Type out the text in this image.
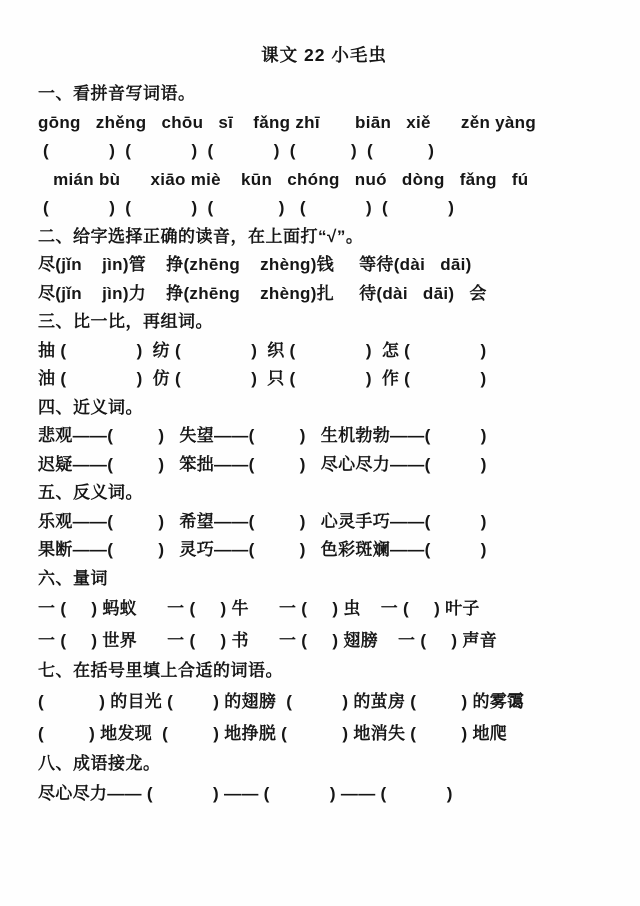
课文 22 小毛虫
一、看拼音写词语。
gōng   zhěng   chōu   sī    fǎng zhī       biān   xiě      zěn yàng
(            )  (            )  (            )  (           )  (           )
mián bù      xiāo miè    kūn   chóng   nuó   dòng   fǎng   fú
(            )  (            )  (             )   (            )  (            )
二、给字选择正确的读音，在上面打“√”。
尽(jǐn    jìn)管    挣(zhēng    zhèng)钱     等待(dài   dāi)
尽(jǐn    jìn)力    挣(zhēng    zhèng)扎     待(dài   dāi)   会
三、比一比，再组词。
抽 (              )  纺 (              )  织 (              )  怎 (              )
油 (              )  仿 (              )  只 (              )  作 (              )
四、近义词。
悲观——(         )   失望——(         )   生机勃勃——(          )
迟疑——(         )   笨拙——(         )   尽心尽力——(          )
五、反义词。
乐观——(         )   希望——(         )   心灵手巧——(          )
果断——(         )   灵巧——(         )   色彩斑斓——(          )
六、量词
一 (     ) 蚂蚁      一 (     ) 牛      一 (     ) 虫    一 (     ) 叶子
一 (     ) 世界      一 (     ) 书      一 (     ) 翅膀    一 (     ) 声音
七、在括号里填上合适的词语。
(           ) 的目光 (        ) 的翅膀  (          ) 的茧房 (         ) 的雾霭
(         ) 地发现  (         ) 地挣脱 (           ) 地消失 (         ) 地爬
八、成语接龙。
尽心尽力—— (            ) —— (            ) —— (            )
